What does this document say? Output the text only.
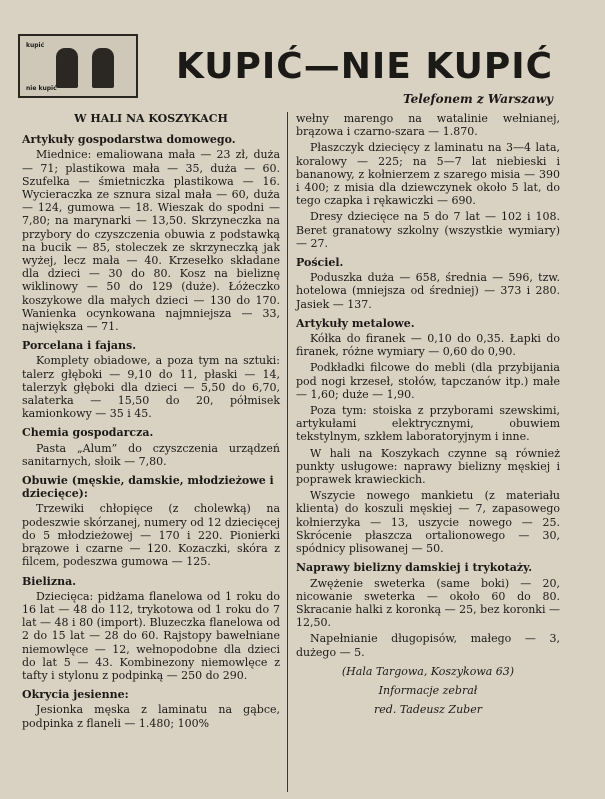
kupić
nie kupić
KUPIĆ—NIE KUPIĆ
Telefonem z Warszawy
W HALI NA KOSZYKACH
Artykuły gospodarstwa domowego.

Miednice: emaliowana mała — 23 zł, duża — 71; plastikowa mała — 35, duża — 60. Szufelka — śmietniczka plastikowa — 16. Wycieraczka ze sznura sizal mała — 60, duża — 124, gumowa — 18. Wieszak do spodni — 7,80; na marynarki — 13,50. Skrzyneczka na przybory do czyszczenia obuwia z podstawką na bucik — 85, stoleczek ze skrzyneczką jak wyżej, lecz mała — 40. Krzesełko składane dla dzieci — 30 do 80. Kosz na bieliznę wiklinowy — 50 do 129 (duże). Łóżeczko koszykowe dla małych dzieci — 130 do 170. Wanienka ocynkowana najmniejsza — 33, największa — 71.

Porcelana i fajans.

Komplety obiadowe, a poza tym na sztuki: talerz głęboki — 9,10 do 11, płaski — 14, talerzyk głęboki dla dzieci — 5,50 do 6,70, salaterka — 15,50 do 20, półmisek kamionkowy — 35 i 45.

Chemia gospodarcza.

Pasta „Alum” do czyszczenia urządzeń sanitarnych, słoik — 7,80.

Obuwie (męskie, damskie, młodzieżowe i dziecięce):

Trzewiki chłopięce (z cholewką) na podeszwie skórzanej, numery od 12 dziecięcej do 5 młodzieżowej — 170 i 220. Pionierki brązowe i czarne — 120. Kozaczki, skóra z filcem, podeszwa gumowa — 125.

Bielizna.

Dziecięca: pidżama flanelowa od 1 roku do 16 lat — 48 do 112, trykotowa od 1 roku do 7 lat — 48 i 80 (import). Bluzeczka flanelowa od 2 do 15 lat — 28 do 60. Rajstopy bawełniane niemowlęce — 12, wełnopodobne dla dzieci do lat 5 — 43. Kombinezony niemowlęce z tafty i stylonu z podpinką — 250 do 290.

Okrycia jesienne:

Jesionka męska z laminatu na gąbce, podpinka z flaneli — 1.480; 100%

wełny marengo na watalinie wełnianej, brązowa i czarno-szara — 1.870.

Płaszczyk dziecięcy z laminatu na 3—4 lata, koralowy — 225; na 5—7 lat niebieski i bananowy, z kołnierzem z szarego misia — 390 i 400; z misia dla dziewczynek około 5 lat, do tego czapka i rękawiczki — 690.

Dresy dziecięce na 5 do 7 lat — 102 i 108. Beret granatowy szkolny (wszystkie wymiary) — 27.

Pościel.

Poduszka duża — 658, średnia — 596, tzw. hotelowa (mniejsza od średniej) — 373 i 280. Jasiek — 137.

Artykuły metalowe.

Kółka do firanek — 0,10 do 0,35. Łapki do firanek, różne wymiary — 0,60 do 0,90.

Podkładki filcowe do mebli (dla przybijania pod nogi krzeseł, stołów, tapczanów itp.) małe — 1,60; duże — 1,90.

Poza tym: stoiska z przyborami szewskimi, artykułami elektrycznymi, obuwiem tekstylnym, szkłem laboratoryjnym i inne.

W hali na Koszykach czynne są również punkty usługowe: naprawy bielizny męskiej i poprawek krawieckich.

Wszycie nowego mankietu (z materiału klienta) do koszuli męskiej — 7, zapasowego kołnierzyka — 13, uszycie nowego — 25. Skrócenie płaszcza ortalionowego — 30, spódnicy plisowanej — 50.

Naprawy bielizny damskiej i trykotaży.

Zwężenie sweterka (same boki) — 20, nicowanie sweterka — około 60 do 80. Skracanie halki z koronką — 25, bez koronki — 12,50.

Napełnianie długopisów, małego — 3, dużego — 5.

(Hala Targowa, Koszykowa 63)

Informacje zebrał

red. Tadeusz Zuber
